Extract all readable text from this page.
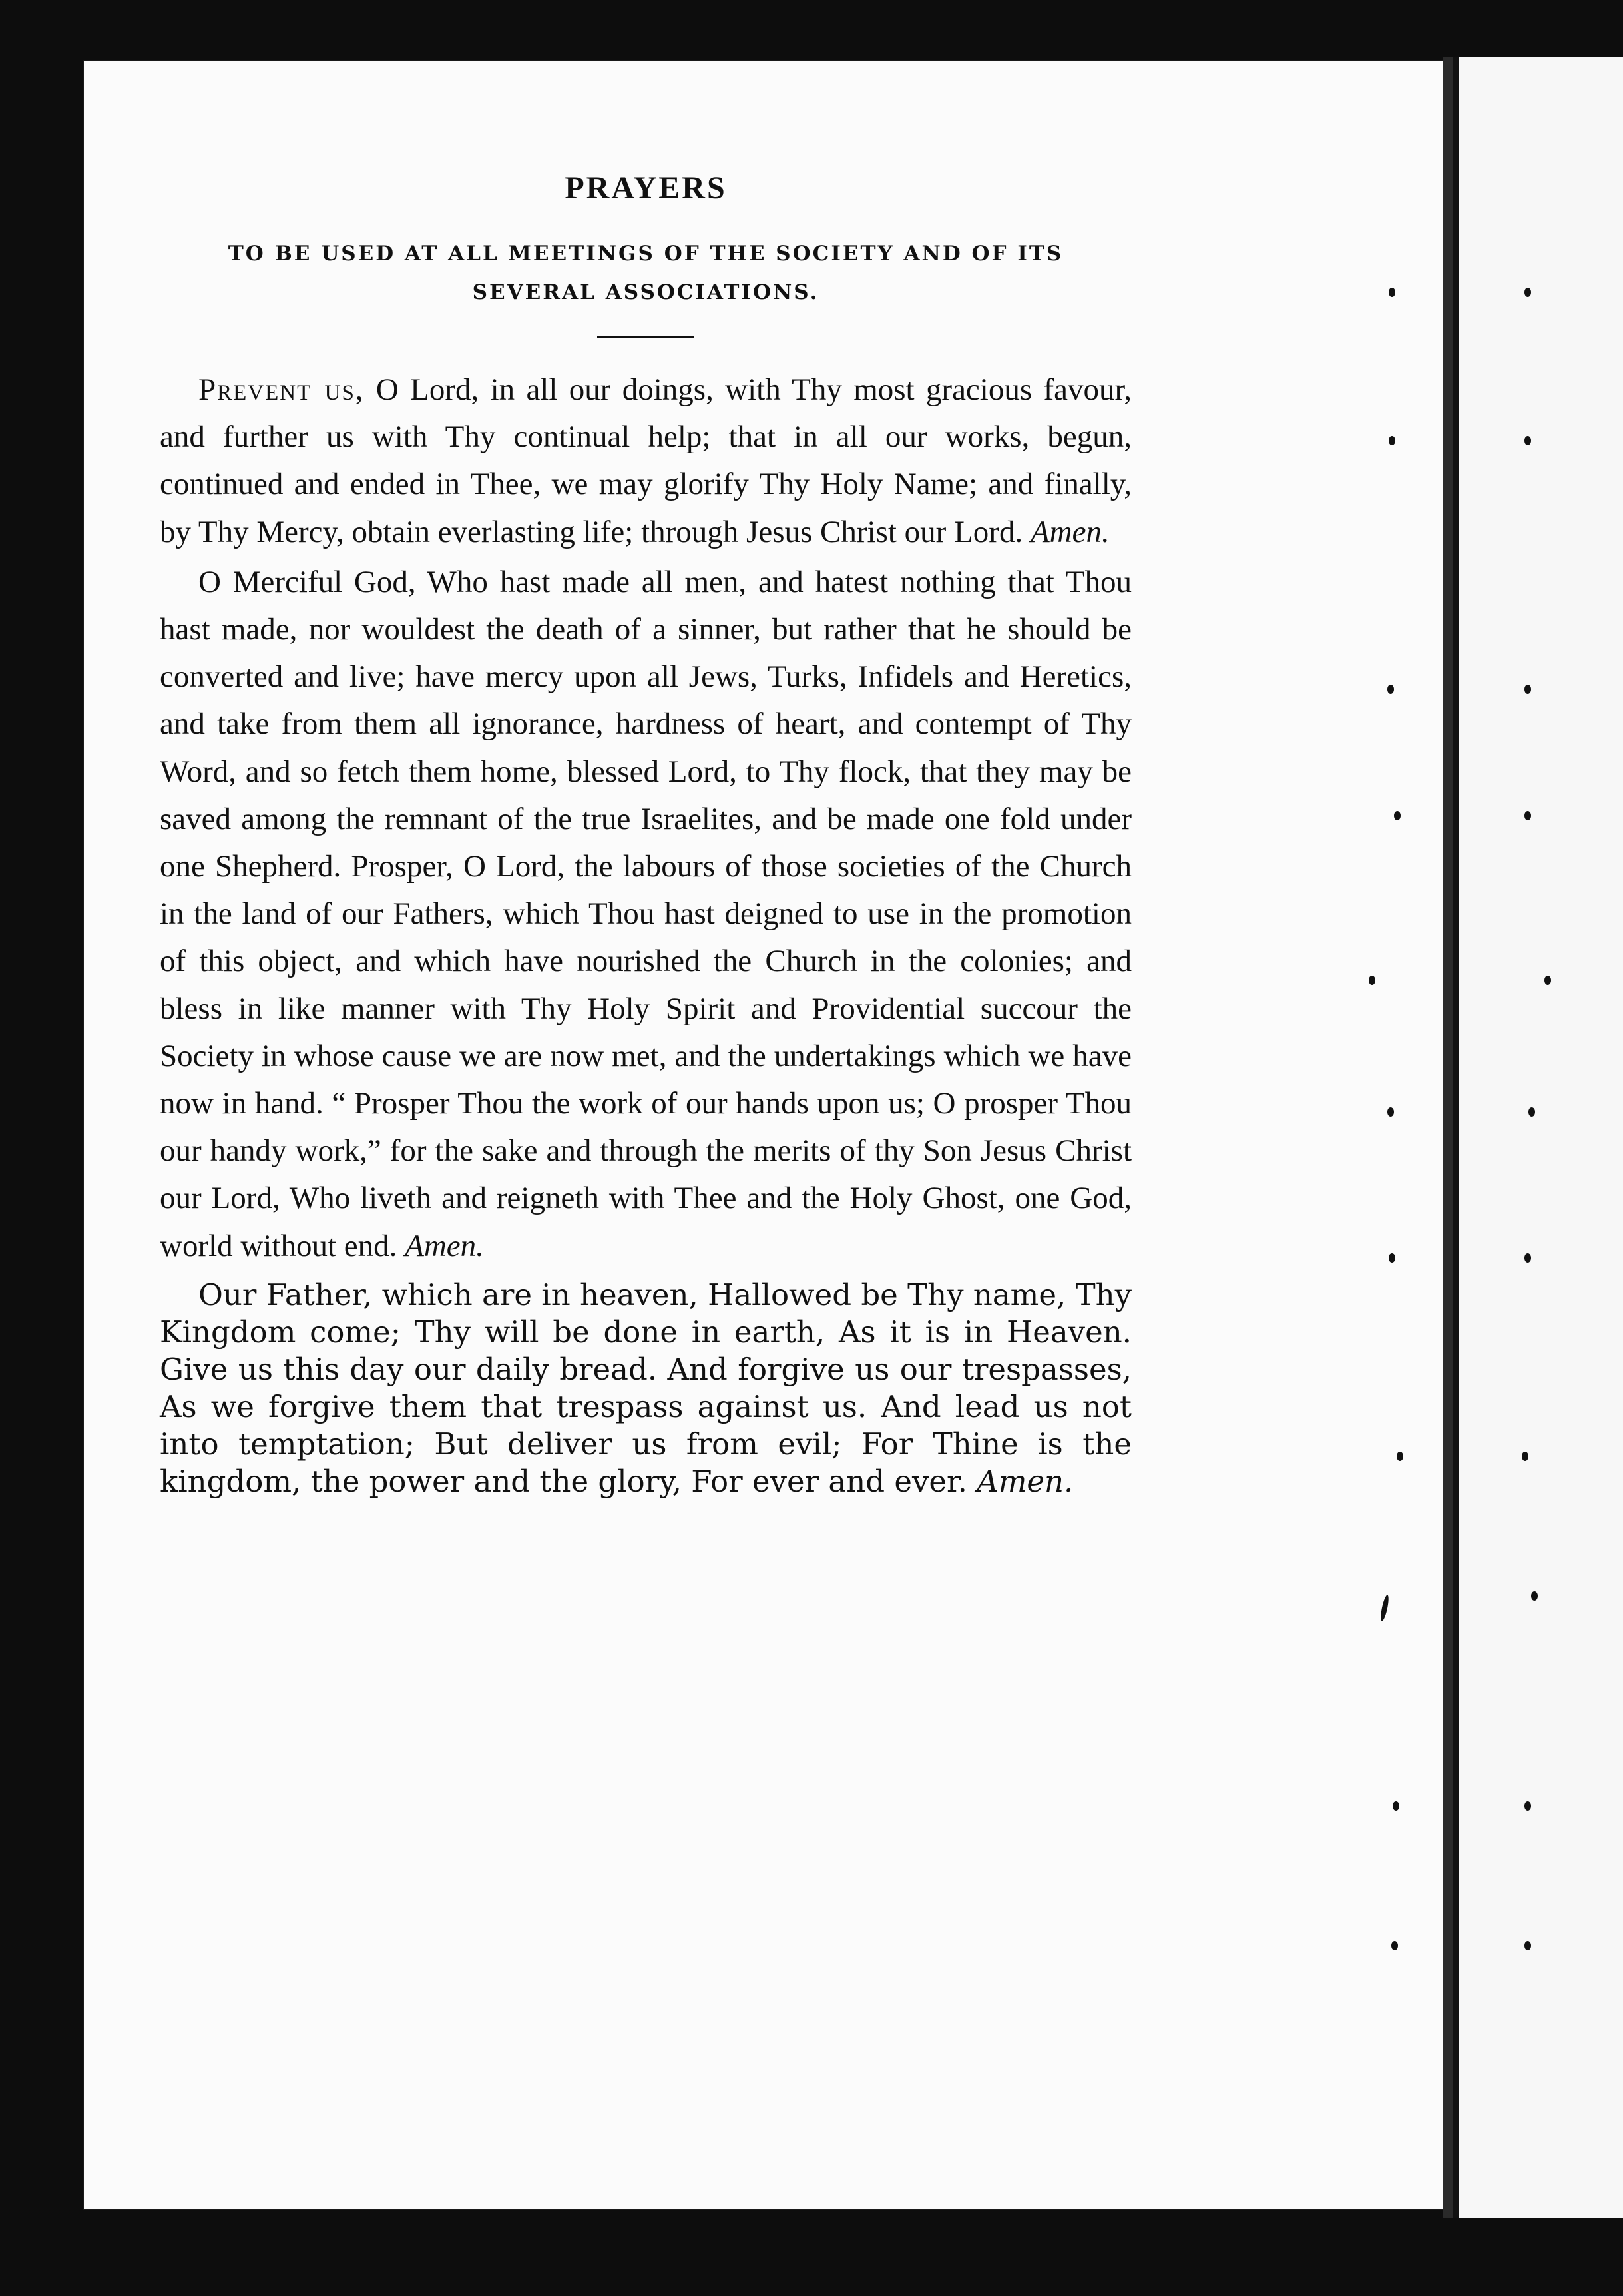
PRAYERS

TO BE USED AT ALL MEETINGS OF THE SOCIETY AND OF ITS
SEVERAL ASSOCIATIONS.

Prevent us, O Lord, in all our doings, with Thy most gracious favour, and further us with Thy continual help; that in all our works, begun, continued and ended in Thee, we may glorify Thy Holy Name; and finally, by Thy Mercy, obtain everlasting life; through Jesus Christ our Lord. Amen.

O Merciful God, Who hast made all men, and hatest nothing that Thou hast made, nor wouldest the death of a sinner, but rather that he should be converted and live; have mercy upon all Jews, Turks, Infidels and Heretics, and take from them all ignorance, hardness of heart, and contempt of Thy Word, and so fetch them home, blessed Lord, to Thy flock, that they may be saved among the remnant of the true Israelites, and be made one fold under one Shepherd. Prosper, O Lord, the labours of those societies of the Church in the land of our Fathers, which Thou hast deigned to use in the promotion of this object, and which have nourished the Church in the colonies; and bless in like manner with Thy Holy Spirit and Providential succour the Society in whose cause we are now met, and the undertakings which we have now in hand. “ Prosper Thou the work of our hands upon us; O prosper Thou our handy work,” for the sake and through the merits of thy Son Jesus Christ our Lord, Who liveth and reigneth with Thee and the Holy Ghost, one God, world without end. Amen.

Our Father, which are in heaven, Hallowed be Thy name, Thy Kingdom come; Thy will be done in earth, As it is in Heaven. Give us this day our daily bread. And forgive us our trespasses, As we forgive them that trespass against us. And lead us not into temptation; But deliver us from evil; For Thine is the kingdom, the power and the glory, For ever and ever. Amen.
